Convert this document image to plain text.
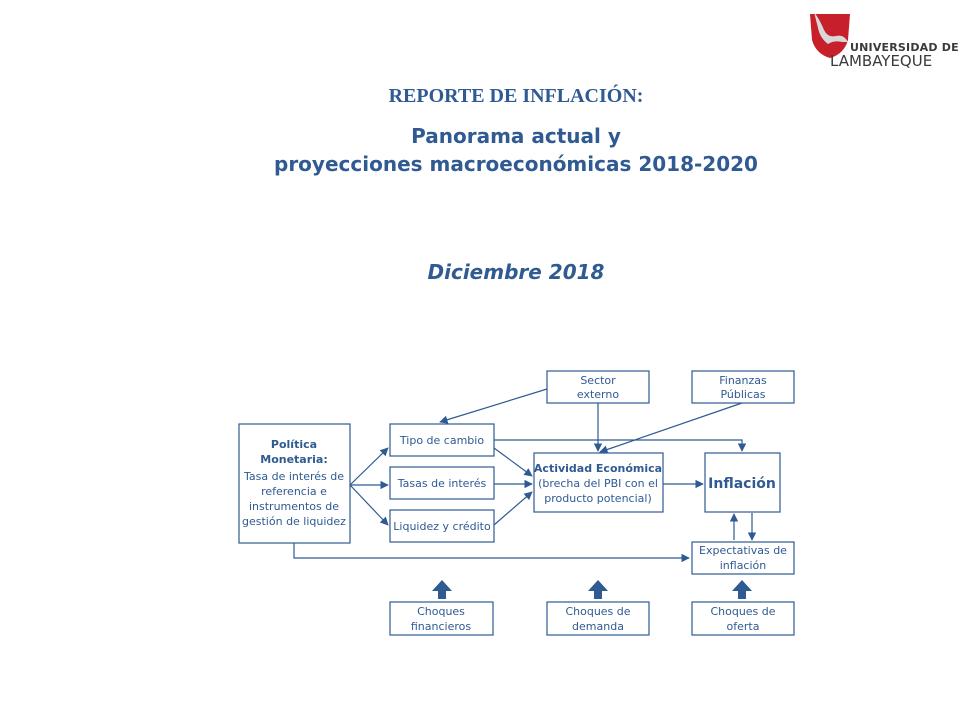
UNIVERSIDAD DE
LAMBAYEQUE
REPORTE DE INFLACIÓN:
Panorama actual y
proyecciones macroeconómicas 2018-2020
Diciembre 2018
Política
Monetaria:
Tasa de interés de
referencia e
instrumentos de
gestión de liquidez
Tipo de cambio
Tasas de interés
Liquidez y crédito
Sector
externo
Finanzas
Públicas
Actividad Económica
(brecha del PBI con el
producto potencial)
Inflación
Expectativas de
inflación
Choques
financieros
Choques de
demanda
Choques de
oferta
